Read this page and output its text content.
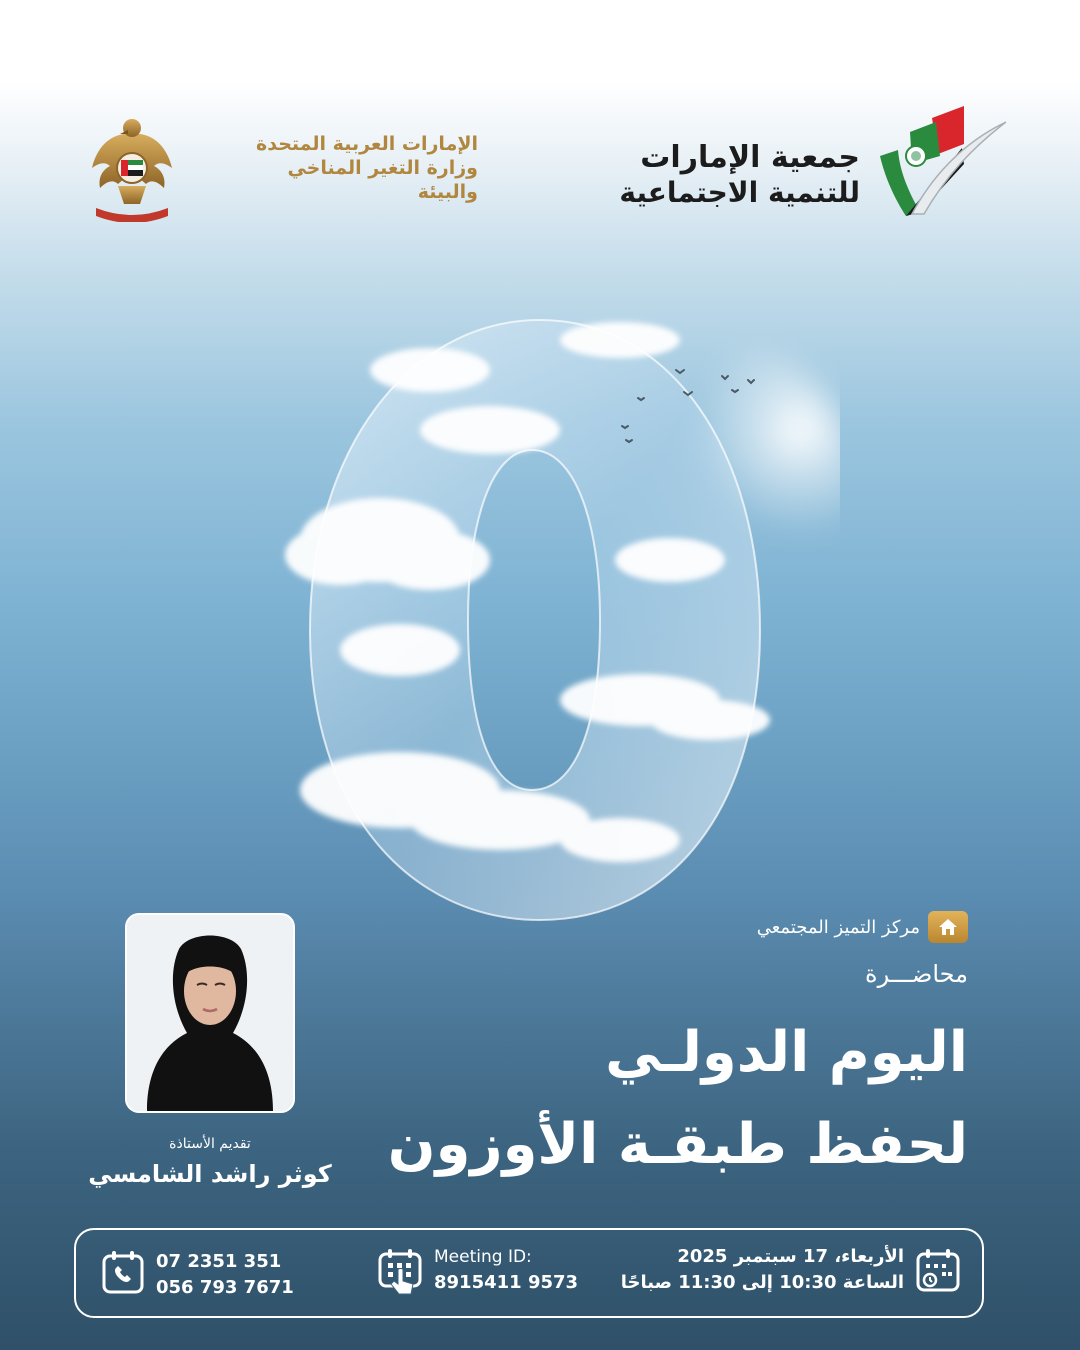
الإمارات العربية المتحدة
وزارة التغير المناخي
والبيئة
جمعية الإمارات
للتنمية الاجتماعية
مركز التميز المجتمعي
محاضـــرة
اليوم الدولـي
لحفظ طبقـة الأوزون
تقديم الأستاذة
كوثر راشد الشامسي
07 2351 351
056 793 7671
Meeting ID:
8915411 9573
الأربعاء، 17 سبتمبر 2025
الساعة 10:30 إلى 11:30 صباحًا
